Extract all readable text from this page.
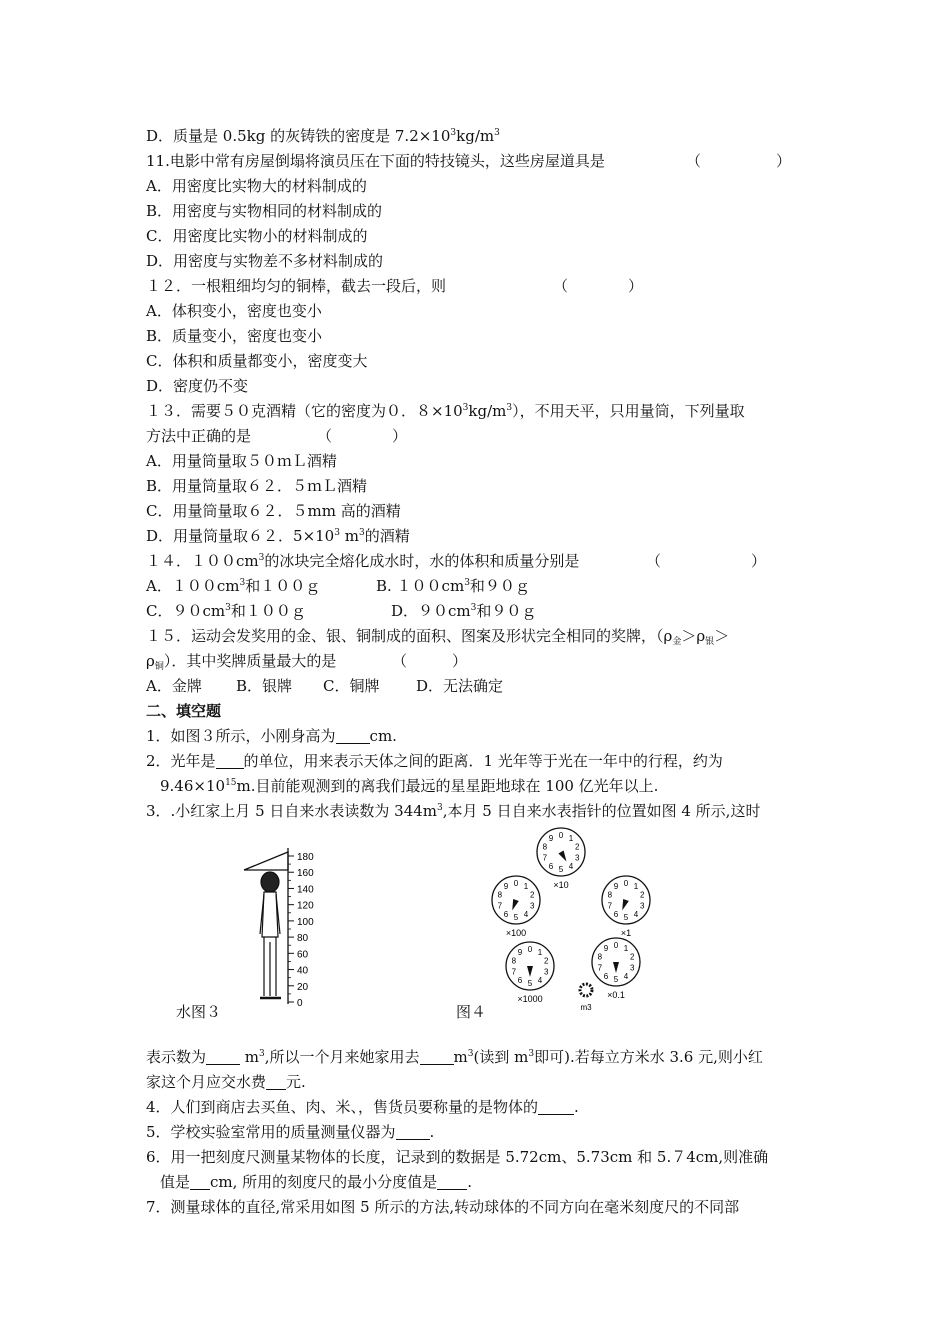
D．质量是 0.5kg 的灰铸铁的密度是 $7.2\times 10^3kg/m^3$
11.电影中常有房屋倒塌将演员压在下面的特技镜头，这些房屋道具是	（　　　　　）
A．用密度比实物大的材料制成的
B．用密度与实物相同的材料制成的
C．用密度比实物小的材料制成的
D．用密度与实物差不多材料制成的
１２．一根粗细均匀的铜棒，截去一段后，则	（　　　　）
A．体积变小，密度也变小
B．质量变小，密度也变小
C．体积和质量都变小，密度变大
D．密度仍不变
１３．需要５０克酒精（它的密度为０．$8\times 10^3kg/m^3$），不用天平，只用量筒，下列量取
方法中正确的是	（　　　　）
A．用量筒量取５０ｍＬ酒精
B．用量筒量取６２．５ｍＬ酒精
C．用量筒量取６２．５mm 高的酒精
D．用量筒量取６２．$5\times 10^3$ $m^3$的酒精
１４．$100cm^3$的冰块完全熔化成水时，水的体积和质量分别是	（　　　　　　）
A．$100cm^3$和１００ｇ	B. $100cm^3$和９０ｇ
C．$90cm^3$和１００ｇ	D．$90cm^3$和９０ｇ
１５．运动会发奖用的金、银、铜制成的面积、图案及形状完全相同的奖牌，（$\rho_金>\rho_银>$
$\rho_铜$）．其中奖牌质量最大的是	（　　　）
A．金牌 B．银牌 C．铜牌 D．无法确定
二、填空题
1．如图３所示，小刚身高为 cm.
2．光年是 的单位，用来表示天体之间的距离．1 光年等于光在一年中的行程，约为
$9.46\times 10^{15}m$.目前能观测到的离我们最远的星星距地球在 100 亿光年以上.
3．.小红家上月 5 日自来水表读数为 $344m^3$,本月 5 日自来水表指针的位置如图 4 所示,这时
180
160
140
120
100
80
60
40
20
0
水图３
0 1
2
3
4
5
6
7
8
9
×10
0 1
2
3
4
5
6
7
8
9
×100
0 1
2
3
4
5
6
7
8
9
×1
0 1
2
3
4
5
6
7
8
9
×1000
0 1
2
3
4
5
6
7
8
9
×0.1
m3
图４
表示数为 $m^3$,所以一个月来她家用去 $m^3$(读到 $m^3$即可).若每立方米水 3.6 元,则小红
家这个月应交水费 元.
4．人们到商店去买鱼、肉、米、，售货员要称量的是物体的 .
5．学校实验室常用的质量测量仪器为 .
6．用一把刻度尺测量某物体的长度，记录到的数据是 5.72cm、5.73cm 和 5.７4cm,则准确
值是 cm, 所用的刻度尺的最小分度值是 .
7．测量球体的直径,常采用如图 5 所示的方法,转动球体的不同方向在毫米刻度尺的不同部
